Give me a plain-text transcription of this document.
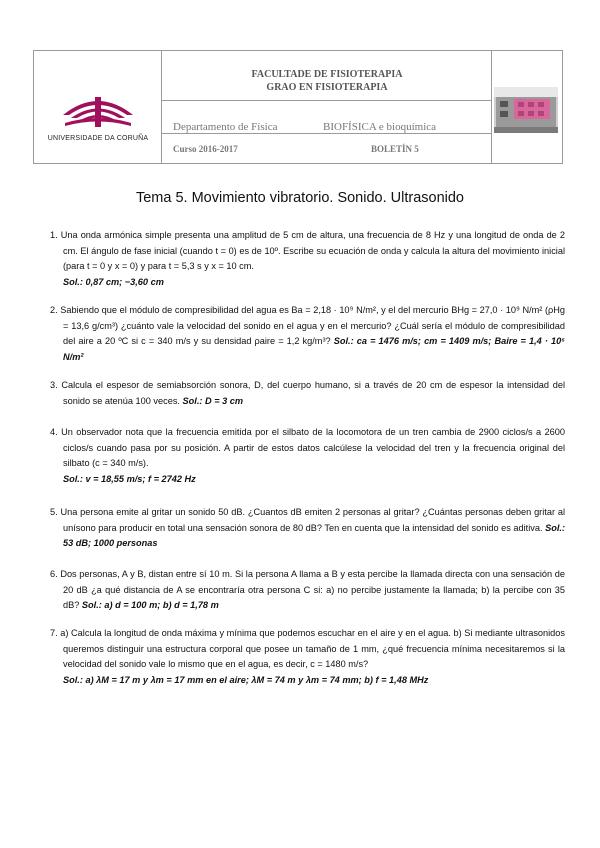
UNIVERSIDADE DA CORUÑA
FACULTADE DE FISIOTERAPIA
GRAO EN FISIOTERAPIA
Departamento de Física	BIOFÍSICA e bioquímica
Curso 2016-2017	BOLETÍN 5
Tema 5. Movimiento vibratorio. Sonido. Ultrasonido

1. Una onda armónica simple presenta una amplitud de 5 cm de altura, una frecuencia de 8 Hz y una longitud de onda de 2 cm. El ángulo de fase inicial (cuando t = 0) es de 10º. Escribe su ecuación de onda y calcula la altura del movimiento inicial (para t = 0 y x = 0) y para t = 5,3 s y x = 10 cm.
Sol.: 0,87 cm; −3,60 cm

2. Sabiendo que el módulo de compresibilidad del agua es Ba = 2,18 · 10⁹ N/m², y el del mercurio BHg = 27,0 · 10⁹ N/m² (ρHg = 13,6 g/cm³) ¿cuánto vale la velocidad del sonido en el agua y en el mercurio? ¿Cuál sería el módulo de compresibilidad del aire a 20 ºC si c = 340 m/s y su densidad ρaire = 1,2 kg/m³? Sol.: ca = 1476 m/s; cm = 1409 m/s; Baire = 1,4 · 10⁵ N/m²

3. Calcula el espesor de semiabsorción sonora, D, del cuerpo humano, si a través de 20 cm de espesor la intensidad del sonido se atenúa 100 veces. Sol.: D = 3 cm

4. Un observador nota que la frecuencia emitida por el silbato de la locomotora de un tren cambia de 2900 ciclos/s a 2600 ciclos/s cuando pasa por su posición. A partir de estos datos calcúlese la velocidad del tren y la frecuencia original del silbato (c = 340 m/s).
Sol.: v = 18,55 m/s; f = 2742 Hz

5. Una persona emite al gritar un sonido 50 dB. ¿Cuantos dB emiten 2 personas al gritar? ¿Cuántas personas deben gritar al unísono para producir en total una sensación sonora de 80 dB? Ten en cuenta que la intensidad del sonido es aditiva. Sol.: 53 dB; 1000 personas

6. Dos personas, A y B, distan entre sí 10 m. Si la persona A llama a B y esta percibe la llamada directa con una sensación de 20 dB ¿a qué distancia de A se encontraría otra persona C si: a) no percibe justamente la llamada; b) la percibe con 35 dB? Sol.: a) d = 100 m; b) d = 1,78 m

7. a) Calcula la longitud de onda máxima y mínima que podemos escuchar en el aire y en el agua. b) Si mediante ultrasonidos queremos distinguir una estructura corporal que posee un tamaño de 1 mm, ¿qué frecuencia mínima necesitaremos si la velocidad del sonido vale lo mismo que en el agua, es decir, c = 1480 m/s?
Sol.: a) λM = 17 m y λm = 17 mm en el aire; λM = 74 m y λm = 74 mm; b) f = 1,48 MHz
